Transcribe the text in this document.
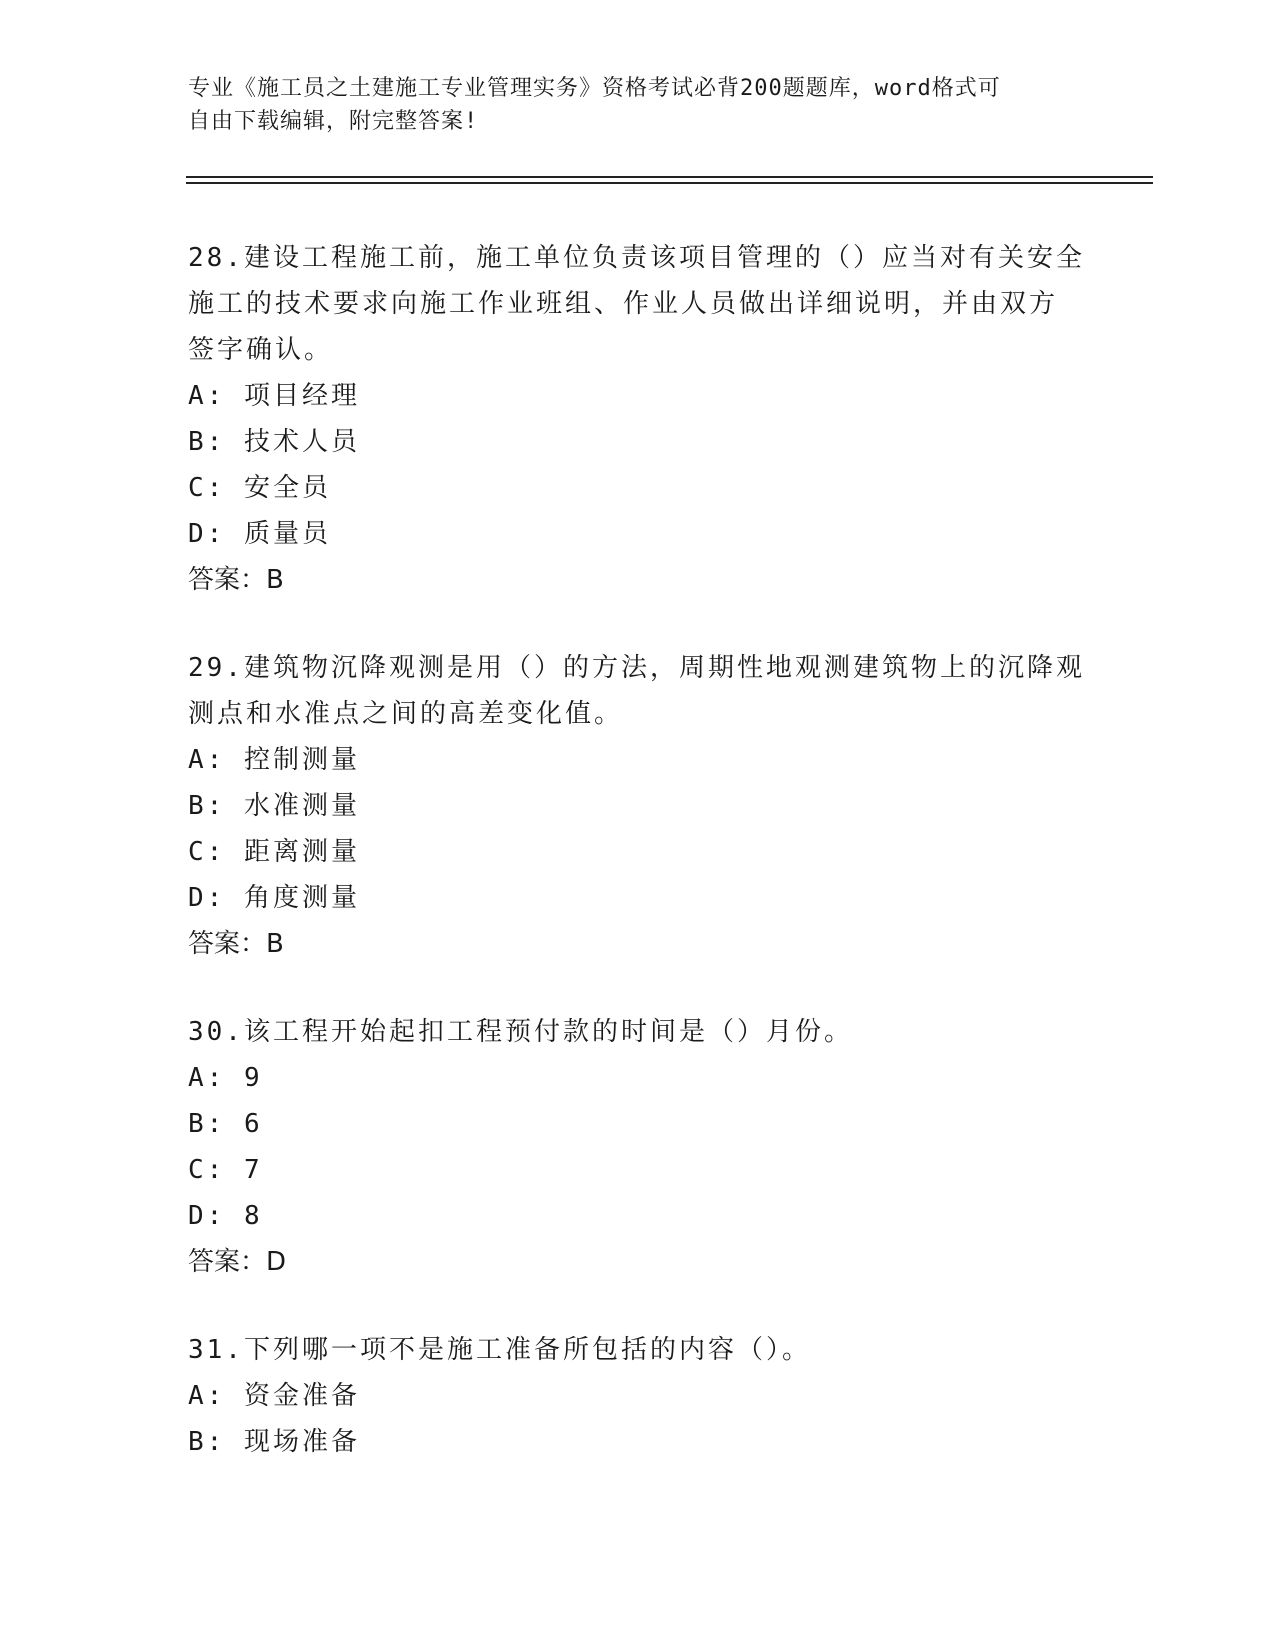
专业《施工员之土建施工专业管理实务》资格考试必背200题题库，word格式可
自由下载编辑，附完整答案!

28.建设工程施工前，施工单位负责该项目管理的（）应当对有关安全

施工的技术要求向施工作业班组、作业人员做出详细说明，并由双方

签字确认。

A: 项目经理

B: 技术人员

C: 安全员

D: 质量员

答案：B

29.建筑物沉降观测是用（）的方法，周期性地观测建筑物上的沉降观

测点和水准点之间的高差变化值。

A: 控制测量

B: 水准测量

C: 距离测量

D: 角度测量

答案：B

30.该工程开始起扣工程预付款的时间是（）月份。

A: 9

B: 6

C: 7

D: 8

答案：D

31.下列哪一项不是施工准备所包括的内容（）。

A: 资金准备

B: 现场准备
